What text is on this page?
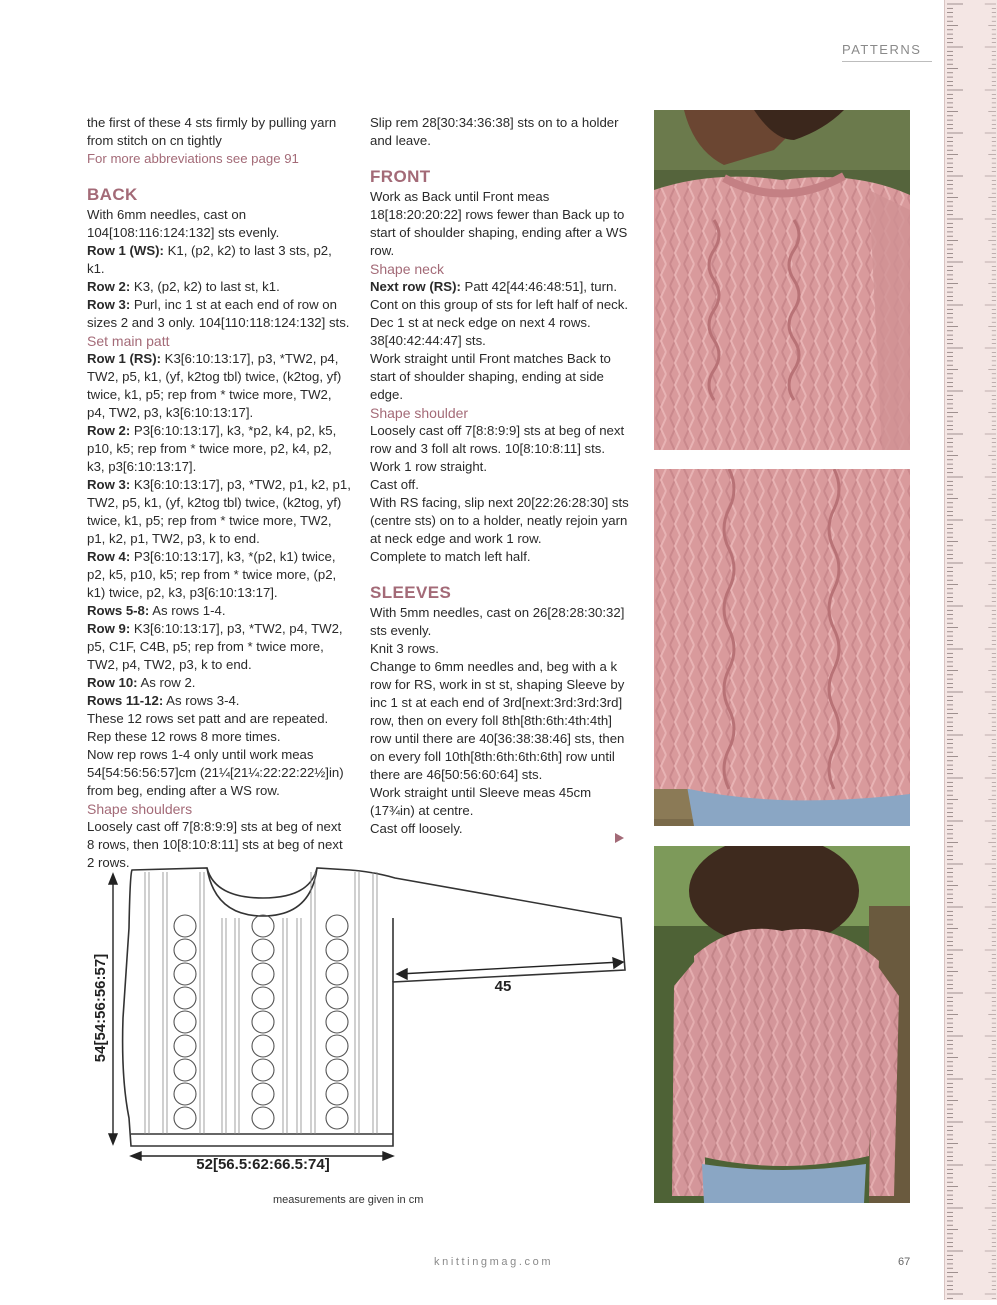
PATTERNS

the first of these 4 sts firmly by pulling yarn from stitch on cn tightly

For more abbreviations see page 91

BACK

With 6mm needles, cast on 104[108:116:124:132] sts evenly.

Row 1 (WS): K1, (p2, k2) to last 3 sts, p2, k1.

Row 2: K3, (p2, k2) to last st, k1.

Row 3: Purl, inc 1 st at each end of row on sizes 2 and 3 only. 104[110:118:124:132] sts.

Set main patt

Row 1 (RS): K3[6:10:13:17], p3, *TW2, p4, TW2, p5, k1, (yf, k2tog tbl) twice, (k2tog, yf) twice, k1, p5; rep from * twice more, TW2, p4, TW2, p3, k3[6:10:13:17].

Row 2: P3[6:10:13:17], k3, *p2, k4, p2, k5, p10, k5; rep from * twice more, p2, k4, p2, k3, p3[6:10:13:17].

Row 3: K3[6:10:13:17], p3, *TW2, p1, k2, p1, TW2, p5, k1, (yf, k2tog tbl) twice, (k2tog, yf) twice, k1, p5; rep from * twice more, TW2, p1, k2, p1, TW2, p3, k to end.

Row 4: P3[6:10:13:17], k3, *(p2, k1) twice, p2, k5, p10, k5; rep from * twice more, (p2, k1) twice, p2, k3, p3[6:10:13:17].

Rows 5-8: As rows 1-4.

Row 9: K3[6:10:13:17], p3, *TW2, p4, TW2, p5, C1F, C4B, p5; rep from * twice more, TW2, p4, TW2, p3, k to end.

Row 10: As row 2.

Rows 11-12: As rows 3-4.

These 12 rows set patt and are repeated.

Rep these 12 rows 8 more times.

Now rep rows 1-4 only until work meas 54[54:56:56:57]cm (21¼[21¼:22:22:22½]in) from beg, ending after a WS row.

Shape shoulders

Loosely cast off 7[8:8:9:9] sts at beg of next 8 rows, then 10[8:10:8:11] sts at beg of next 2 rows.

Slip rem 28[30:34:36:38] sts on to a holder and leave.

FRONT

Work as Back until Front meas 18[18:20:20:22] rows fewer than Back up to start of shoulder shaping, ending after a WS row.

Shape neck

Next row (RS): Patt 42[44:46:48:51], turn. Cont on this group of sts for left half of neck.

Dec 1 st at neck edge on next 4 rows. 38[40:42:44:47] sts.

Work straight until Front matches Back to start of shoulder shaping, ending at side edge.

Shape shoulder

Loosely cast off 7[8:8:9:9] sts at beg of next row and 3 foll alt rows. 10[8:10:8:11] sts.

Work 1 row straight.

Cast off.

With RS facing, slip next 20[22:26:28:30] sts (centre sts) on to a holder, neatly rejoin yarn at neck edge and work 1 row.

Complete to match left half.

SLEEVES

With 5mm needles, cast on 26[28:28:30:32] sts evenly.

Knit 3 rows.

Change to 6mm needles and, beg with a k row for RS, work in st st, shaping Sleeve by inc 1 st at each end of 3rd[next:3rd:3rd:3rd] row, then on every foll 8th[8th:6th:4th:4th] row until there are 40[36:38:38:46] sts, then on every foll 10th[8th:6th:6th:6th] row until there are 46[50:56:60:64] sts.

Work straight until Sleeve meas 45cm (17¾in) at centre.

Cast off loosely.

54[54:56:56:57]	45
52[56.5:62:66.5:74]
measurements are given in cm
knittingmag.com	67
